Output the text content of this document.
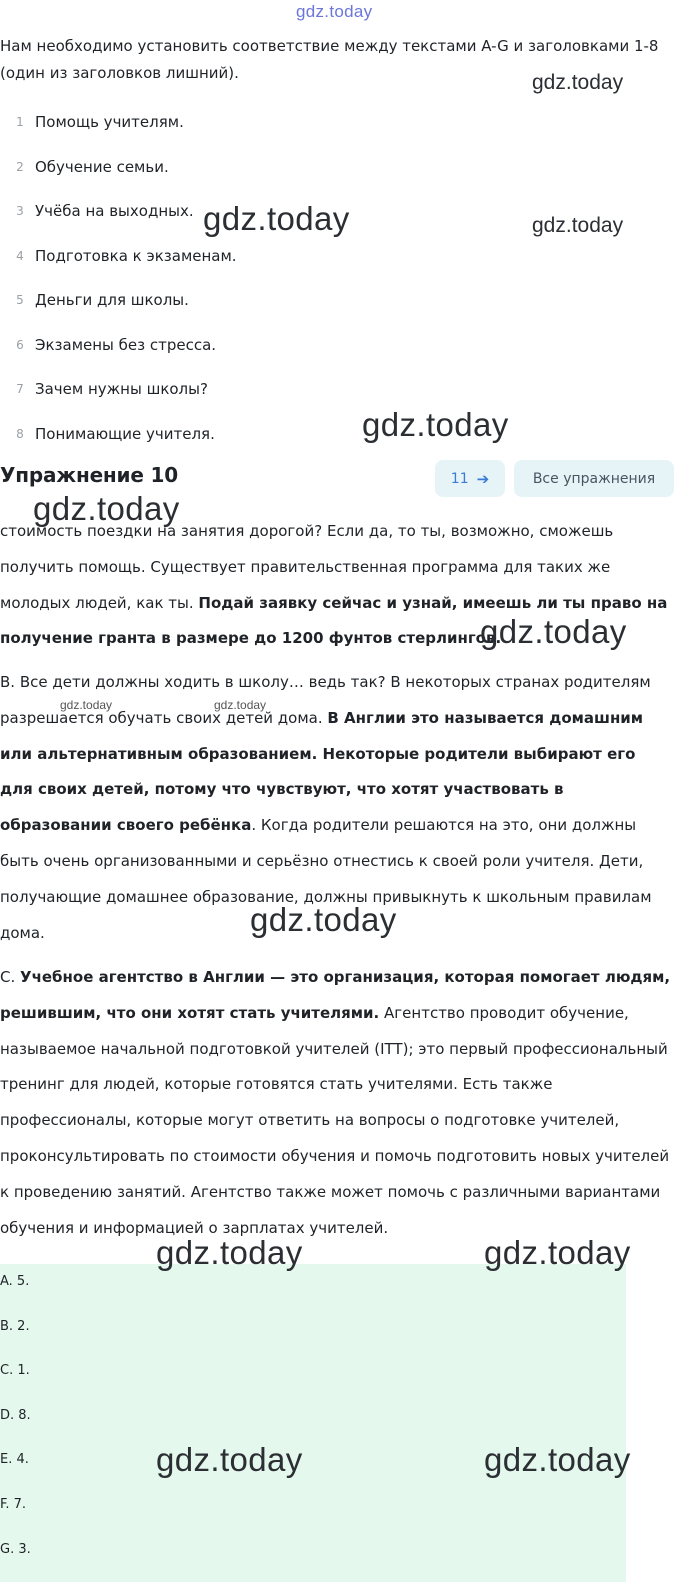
Нам необходимо установить соответствие между текстами A-G и заголовками 1-8 (один из заголовков лишний).

1 Помощь учителям.
2 Обучение семьи.
3 Учёба на выходных.
4 Подготовка к экзаменам.
5 Деньги для школы.
6 Экзамены без стресса.
7 Зачем нужны школы?
8 Понимающие учителя.
Упражнение 10	11 ➔	Все упражнения

стоимость поездки на занятия дорогой? Если да, то ты, возможно, сможешь получить помощь. Существует правительственная программа для таких же молодых людей, как ты. Подай заявку сейчас и узнай, имеешь ли ты право на получение гранта в размере до 1200 фунтов стерлингов.

B. Все дети должны ходить в школу… ведь так? В некоторых странах родителям разрешается обучать своих детей дома. В Англии это называется домашним или альтернативным образованием. Некоторые родители выбирают его для своих детей, потому что чувствуют, что хотят участвовать в образовании своего ребёнка. Когда родители решаются на это, они должны быть очень организованными и серьёзно отнестись к своей роли учителя. Дети, получающие домашнее образование, должны привыкнуть к школьным правилам дома.

C. Учебное агентство в Англии — это организация, которая помогает людям, решившим, что они хотят стать учителями. Агентство проводит обучение, называемое начальной подготовкой учителей (ITT); это первый профессиональный тренинг для людей, которые готовятся стать учителями. Есть также профессионалы, которые могут ответить на вопросы о подготовке учителей, проконсультировать по стоимости обучения и помочь подготовить новых учителей к проведению занятий. Агентство также может помочь с различными вариантами обучения и информацией о зарплатах учителей.

A. 5.
B. 2.
C. 1.
D. 8.
E. 4.
F. 7.
G. 3.
gdz.today
gdz.today
gdz.today	gdz.today
gdz.today
gdz.today
gdz.today
gdz.today	gdz.today
gdz.today
gdz.today	gdz.today
gdz.today	gdz.today
